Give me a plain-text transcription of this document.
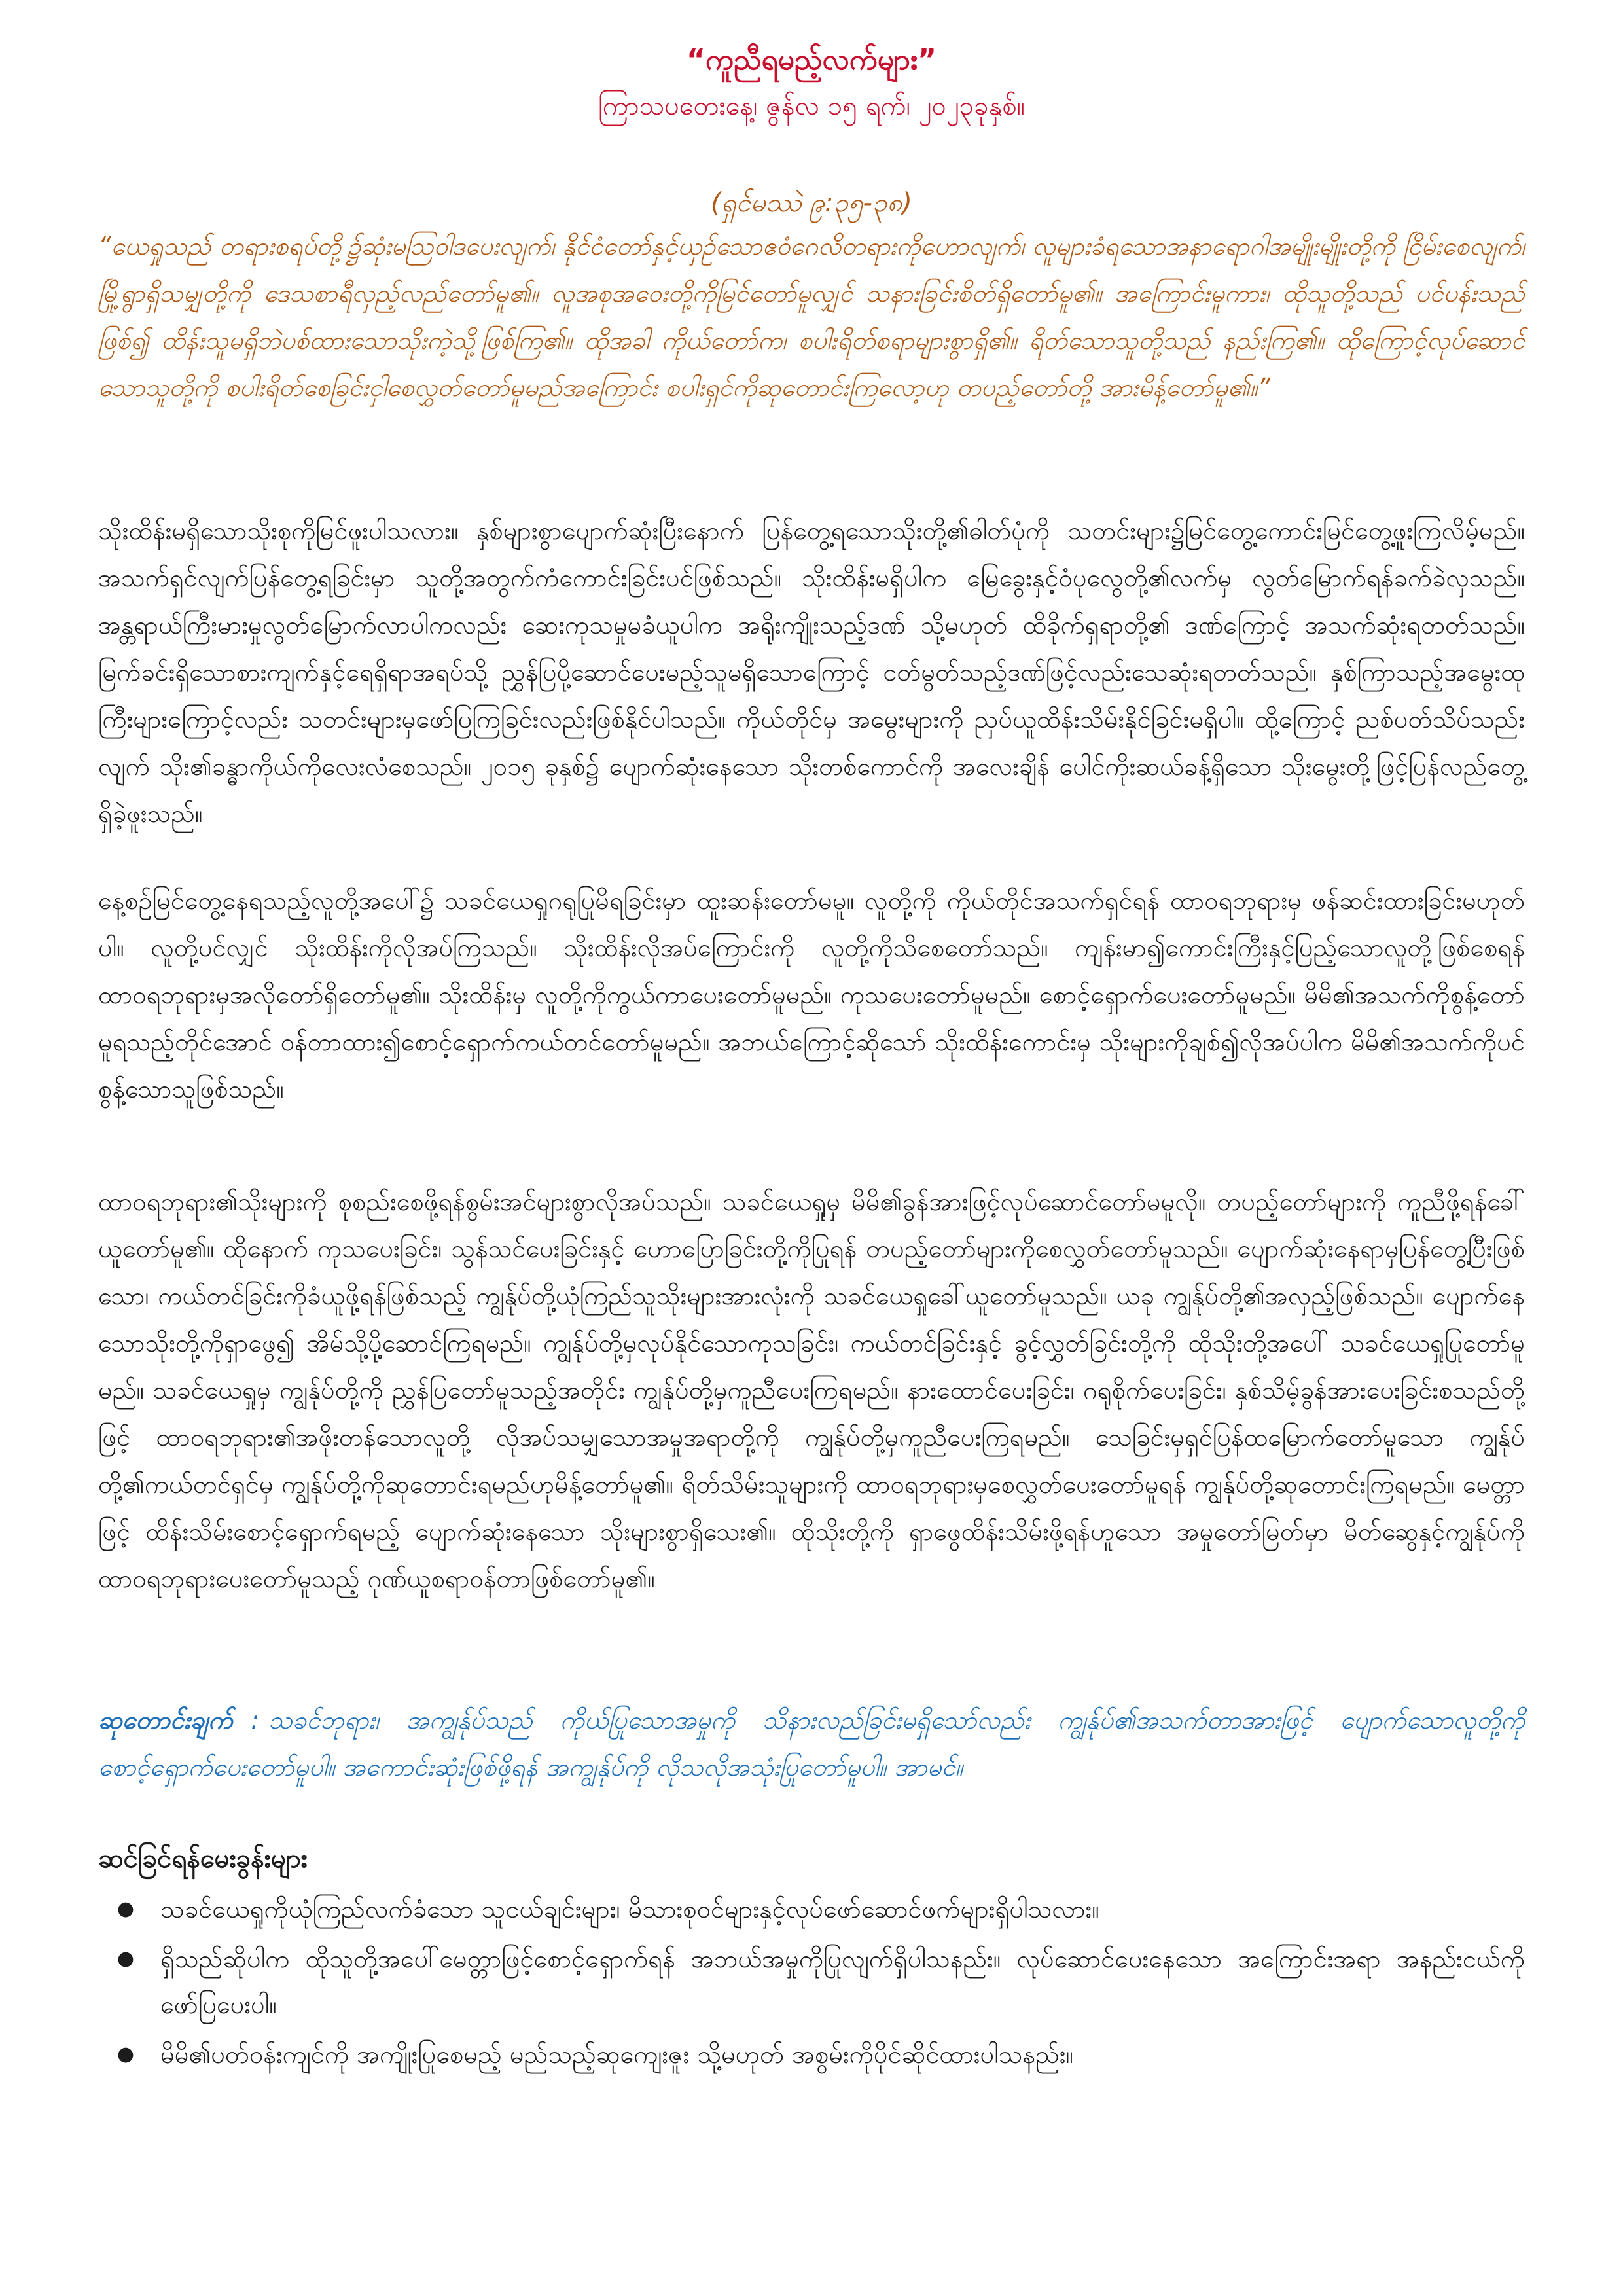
“ကူညီရမည့်လက်များ”
ကြာသပတေးနေ့၊ ဇွန်လ ၁၅ ရက်၊ ၂၀၂၃ခုနှစ်။
(ရှင်မဿဲ ၉:၃၅-၃၈)
“ယေရှုသည် တရားစရပ်တို့၌ဆုံးမဩဝါဒပေးလျက်၊ နိုင်ငံတော်နှင့်ယှဉ်သောဧဝံဂေလိတရားကိုဟောလျက်၊ လူများခံရသောအနာရောဂါအမျိုးမျိုးတို့ကို ငြိမ်းစေလျက်၊ မြို့ရွာရှိသမျှတို့ကို ဒေသစာရီလှည့်လည်တော်မူ၏။ လူအစုအဝေးတို့ကိုမြင်တော်မူလျှင် သနားခြင်းစိတ်ရှိတော်မူ၏။ အကြောင်းမူကား၊ ထိုသူတို့သည် ပင်ပန်းသည်ဖြစ်၍ ထိန်းသူမရှိဘဲပစ်ထားသောသိုးကဲ့သို့ဖြစ်ကြ၏။ ထိုအခါ ကိုယ်တော်က၊ စပါးရိတ်စရာများစွာရှိ၏။ ရိတ်သောသူတို့သည် နည်းကြ၏။ ထိုကြောင့်လုပ်ဆောင်သောသူတို့ကို စပါးရိတ်စေခြင်းငှါစေလွှတ်တော်မူမည်အကြောင်း စပါးရှင်ကိုဆုတောင်းကြလော့ဟု တပည့်တော်တို့ အားမိန့်တော်မူ၏။”
သိုးထိန်းမရှိသောသိုးစုကိုမြင်ဖူးပါသလား။ နှစ်များစွာပျောက်ဆုံးပြီးနောက် ပြန်တွေ့ရသောသိုးတို့၏ဓါတ်ပုံကို သတင်းများ၌မြင်တွေ့ကောင်းမြင်တွေ့ဖူးကြလိမ့်မည်။ အသက်ရှင်လျက်ပြန်တွေ့ရခြင်းမှာ သူတို့အတွက်ကံကောင်းခြင်းပင်ဖြစ်သည်။ သိုးထိန်းမရှိပါက မြေခွေးနှင့်ဝံပုလွေတို့၏လက်မှ လွတ်မြောက်ရန်ခက်ခဲလှသည်။ အန္တရာယ်ကြီးမားမှုလွတ်မြောက်လာပါကလည်း ဆေးကုသမှုမခံယူပါက အရိုးကျိုးသည့်ဒဏ် သို့မဟုတ် ထိခိုက်ရှရာတို့၏ ဒဏ်ကြောင့် အသက်ဆုံးရတတ်သည်။ မြက်ခင်းရှိသောစားကျက်နှင့်ရေရှိရာအရပ်သို့ ညွှန်ပြပို့ဆောင်ပေးမည့်သူမရှိသောကြောင့် ငတ်မွတ်သည့်ဒဏ်ဖြင့်လည်းသေဆုံးရတတ်သည်။ နှစ်ကြာသည့်အမွေးထုကြီးများကြောင့်လည်း သတင်းများမှဖော်ပြကြခြင်းလည်းဖြစ်နိုင်ပါသည်။ ကိုယ်တိုင်မှ အမွေးများကို ညှပ်ယူထိန်းသိမ်းနိုင်ခြင်းမရှိပါ။ ထို့ကြောင့် ညစ်ပတ်သိပ်သည်းလျက် သိုး၏ခန္ဓာကိုယ်ကိုလေးလံစေသည်။ ၂၀၁၅ ခုနှစ်၌ ပျောက်ဆုံးနေသော သိုးတစ်ကောင်ကို အလေးချိန် ပေါင်ကိုးဆယ်ခန့်ရှိသော သိုးမွေးတို့ဖြင့်ပြန်လည်တွေ့ရှိခဲ့ဖူးသည်။
နေ့စဉ်မြင်တွေ့နေရသည့်လူတို့အပေါ်၌ သခင်ယေရှုဂရုပြုမိရခြင်းမှာ ထူးဆန်းတော်မမူ။ လူတို့ကို ကိုယ်တိုင်အသက်ရှင်ရန် ထာဝရဘုရားမှ ဖန်ဆင်းထားခြင်းမဟုတ်ပါ။ လူတို့ပင်လျှင် သိုးထိန်းကိုလိုအပ်ကြသည်။ သိုးထိန်းလိုအပ်ကြောင်းကို လူတို့ကိုသိစေတော်သည်။ ကျန်းမာ၍ကောင်းကြီးနှင့်ပြည့်သောလူတို့ဖြစ်စေရန် ထာဝရဘုရားမှအလိုတော်ရှိတော်မူ၏။ သိုးထိန်းမှ လူတို့ကိုကွယ်ကာပေးတော်မူမည်။ ကုသပေးတော်မူမည်။ စောင့်ရှောက်ပေးတော်မူမည်။ မိမိ၏အသက်ကိုစွန့်တော်မူရသည့်တိုင်အောင် ဝန်တာထား၍စောင့်ရှောက်ကယ်တင်တော်မူမည်။ အဘယ်ကြောင့်ဆိုသော် သိုးထိန်းကောင်းမှ သိုးများကိုချစ်၍လိုအပ်ပါက မိမိ၏အသက်ကိုပင်စွန့်သောသူဖြစ်သည်။
ထာဝရဘုရား၏သိုးများကို စုစည်းစေဖို့ရန်စွမ်းအင်များစွာလိုအပ်သည်။ သခင်ယေရှုမှ မိမိ၏ခွန်အားဖြင့်လုပ်ဆောင်တော်မမူလို။ တပည့်တော်များကို ကူညီဖို့ရန်ခေါ်ယူတော်မူ၏။ ထိုနောက် ကုသပေးခြင်း၊ သွန်သင်ပေးခြင်းနှင့် ဟောပြောခြင်းတို့ကိုပြုရန် တပည့်တော်များကိုစေလွှတ်တော်မူသည်။ ပျောက်ဆုံးနေရာမှပြန်တွေ့ပြီးဖြစ်သော၊ ကယ်တင်ခြင်းကိုခံယူဖို့ရန်ဖြစ်သည့် ကျွန်ုပ်တို့ယုံကြည်သူသိုးများအားလုံးကို သခင်ယေရှုခေါ်ယူတော်မူသည်။ ယခု ကျွန်ုပ်တို့၏အလှည့်ဖြစ်သည်။ ပျောက်နေသောသိုးတို့ကိုရှာဖွေ၍ အိမ်သို့ပို့ဆောင်ကြရမည်။ ကျွန်ုပ်တို့မှလုပ်နိုင်သောကုသခြင်း၊ ကယ်တင်ခြင်းနှင့် ခွင့်လွှတ်ခြင်းတို့ကို ထိုသိုးတို့အပေါ် သခင်ယေရှုပြုတော်မူမည်။ သခင်ယေရှုမှ ကျွန်ုပ်တို့ကို ညွှန်ပြတော်မူသည့်အတိုင်း ကျွန်ုပ်တို့မှကူညီပေးကြရမည်။ နားထောင်ပေးခြင်း၊ ဂရုစိုက်ပေးခြင်း၊ နှစ်သိမ့်ခွန်အားပေးခြင်းစသည်တို့ဖြင့် ထာဝရဘုရား၏အဖိုးတန်သောလူတို့ လိုအပ်သမျှသောအမှုအရာတို့ကို ကျွန်ုပ်တို့မှကူညီပေးကြရမည်။ သေခြင်းမှရှင်ပြန်ထမြောက်တော်မူသော ကျွန်ုပ်တို့၏ကယ်တင်ရှင်မှ ကျွန်ုပ်တို့ကိုဆုတောင်းရမည်ဟုမိန့်တော်မူ၏။ ရိတ်သိမ်းသူများကို ထာဝရဘုရားမှစေလွှတ်ပေးတော်မူရန် ကျွန်ုပ်တို့ဆုတောင်းကြရမည်။ မေတ္တာဖြင့် ထိန်းသိမ်းစောင့်ရှောက်ရမည့် ပျောက်ဆုံးနေသော သိုးများစွာရှိသေး၏။ ထိုသိုးတို့ကို ရှာဖွေထိန်းသိမ်းဖို့ရန်ဟူသော အမှုတော်မြတ်မှာ မိတ်ဆွေနှင့်ကျွန်ုပ်ကို ထာဝရဘုရားပေးတော်မူသည့် ဂုဏ်ယူစရာဝန်တာဖြစ်တော်မူ၏။
ဆုတောင်းချက် : သခင်ဘုရား၊ အကျွန်ုပ်သည် ကိုယ်ပြုသောအမှုကို သိနားလည်ခြင်းမရှိသော်လည်း ကျွန်ုပ်၏အသက်တာအားဖြင့် ပျောက်သောလူတို့ကို စောင့်ရှောက်ပေးတော်မူပါ။ အကောင်းဆုံးဖြစ်ဖို့ရန် အကျွန်ုပ်ကို လိုသလိုအသုံးပြုတော်မူပါ။ အာမင်။
ဆင်ခြင်ရန်မေးခွန်းများ
● သခင်ယေရှုကိုယုံကြည်လက်ခံသော သူငယ်ချင်းများ၊ မိသားစုဝင်များနှင့်လုပ်ဖော်ဆောင်ဖက်များရှိပါသလား။
● ရှိသည်ဆိုပါက ထိုသူတို့အပေါ်မေတ္တာဖြင့်စောင့်ရှောက်ရန် အဘယ်အမှုကိုပြုလျက်ရှိပါသနည်း။ လုပ်ဆောင်ပေးနေသော အကြောင်းအရာ အနည်းငယ်ကိုဖော်ပြပေးပါ။
● မိမိ၏ပတ်ဝန်းကျင်ကို အကျိုးပြုစေမည့် မည်သည့်ဆုကျေးဇူး သို့မဟုတ် အစွမ်းကိုပိုင်ဆိုင်ထားပါသနည်း။
